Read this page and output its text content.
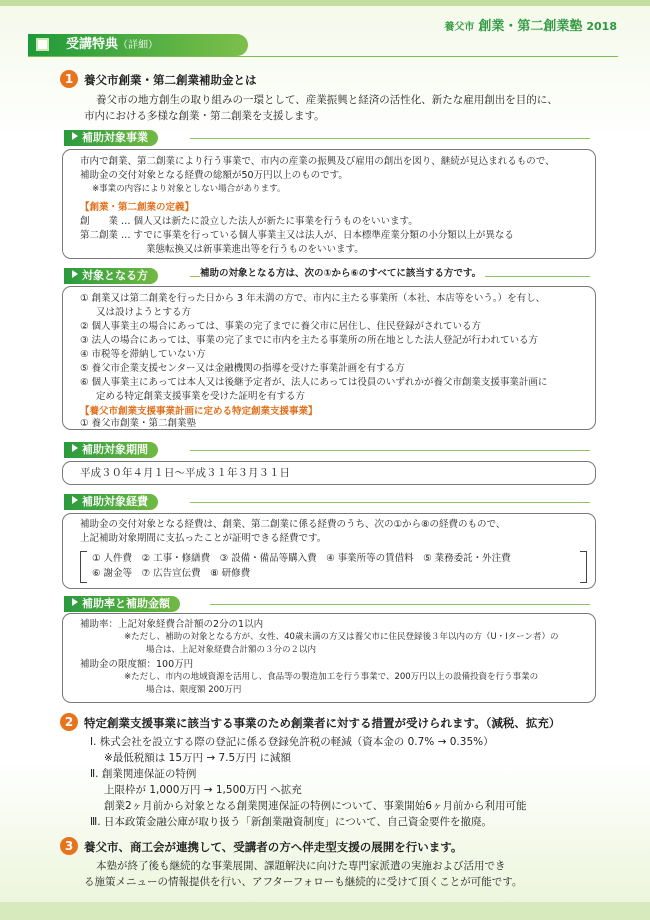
養父市 創業・第二創業塾 2018
受講特典（詳細）
1 養父市創業・第二創業補助金とは

養父市の地方創生の取り組みの一環として、産業振興と経済の活性化、新たな雇用創出を目的に、

市内における多様な創業・第二創業を支援します。

補助対象事業

市内で創業、第二創業により行う事業で、市内の産業の振興及び雇用の創出を図り、継続が見込まれるもので、

補助金の交付対象となる経費の総額が50万円以上のものです。

※事業の内容により対象としない場合があります。

【創業・第二創業の定義】

創　　業 … 個人又は新たに設立した法人が新たに事業を行うものをいいます。

第二創業 … すでに事業を行っている個人事業主又は法人が、日本標準産業分類の小分類以上が異なる

業態転換又は新事業進出等を行うものをいいます。

対象となる方	補助の対象となる方は、次の①から⑥のすべてに該当する方です。

① 創業又は第二創業を行った日から 3 年未満の方で、市内に主たる事業所（本社、本店等をいう。）を有し、

又は設けようとする方

② 個人事業主の場合にあっては、事業の完了までに養父市に居住し、住民登録がされている方

③ 法人の場合にあっては、事業の完了までに市内を主たる事業所の所在地とした法人登記が行われている方

④ 市税等を滞納していない方

⑤ 養父市企業支援センター又は金融機関の指導を受けた事業計画を有する方

⑥ 個人事業主にあっては本人又は後継予定者が、法人にあっては役員のいずれかが養父市創業支援事業計画に

定める特定創業支援事業を受けた証明を有する方

【養父市創業支援事業計画に定める特定創業支援事業】

① 養父市創業・第二創業塾

補助対象期間

平成３０年４月１日～平成３１年３月３１日

補助対象経費

補助金の交付対象となる経費は、創業、第二創業に係る経費のうち、次の①から⑧の経費のもので、

上記補助対象期間に支払ったことが証明できる経費です。

① 人件費　② 工事・修繕費　③ 設備・備品等購入費　④ 事業所等の賃借料　⑤ 業務委託・外注費

⑥ 謝金等　⑦ 広告宣伝費　⑧ 研修費

補助率と補助金額

補助率：上記対象経費合計額の2分の1以内

※ただし、補助の対象となる方が、女性、40歳未満の方又は養父市に住民登録後３年以内の方（U・Iターン者）の

場合は、上記対象経費合計額の３分の２以内

補助金の限度額：100万円

※ただし、市内の地域資源を活用し、食品等の製造加工を行う事業で、200万円以上の設備投資を行う事業の

場合は、限度額 200万円

2 特定創業支援事業に該当する事業のため創業者に対する措置が受けられます。（減税、拡充）

Ⅰ. 株式会社を設立する際の登記に係る登録免許税の軽減（資本金の 0.7% → 0.35%）

※最低税額は 15万円 → 7.5万円 に減額

Ⅱ. 創業関連保証の特例

上限枠が 1,000万円 → 1,500万円 へ拡充

創業2ヶ月前から対象となる創業関連保証の特例について、事業開始6ヶ月前から利用可能

Ⅲ. 日本政策金融公庫が取り扱う「新創業融資制度」について、自己資金要件を撤廃。

3 養父市、商工会が連携して、受講者の方へ伴走型支援の展開を行います。

本塾が終了後も継続的な事業展開、課題解決に向けた専門家派遣の実施および活用でき

る施策メニューの情報提供を行い、アフターフォローも継続的に受けて頂くことが可能です。
